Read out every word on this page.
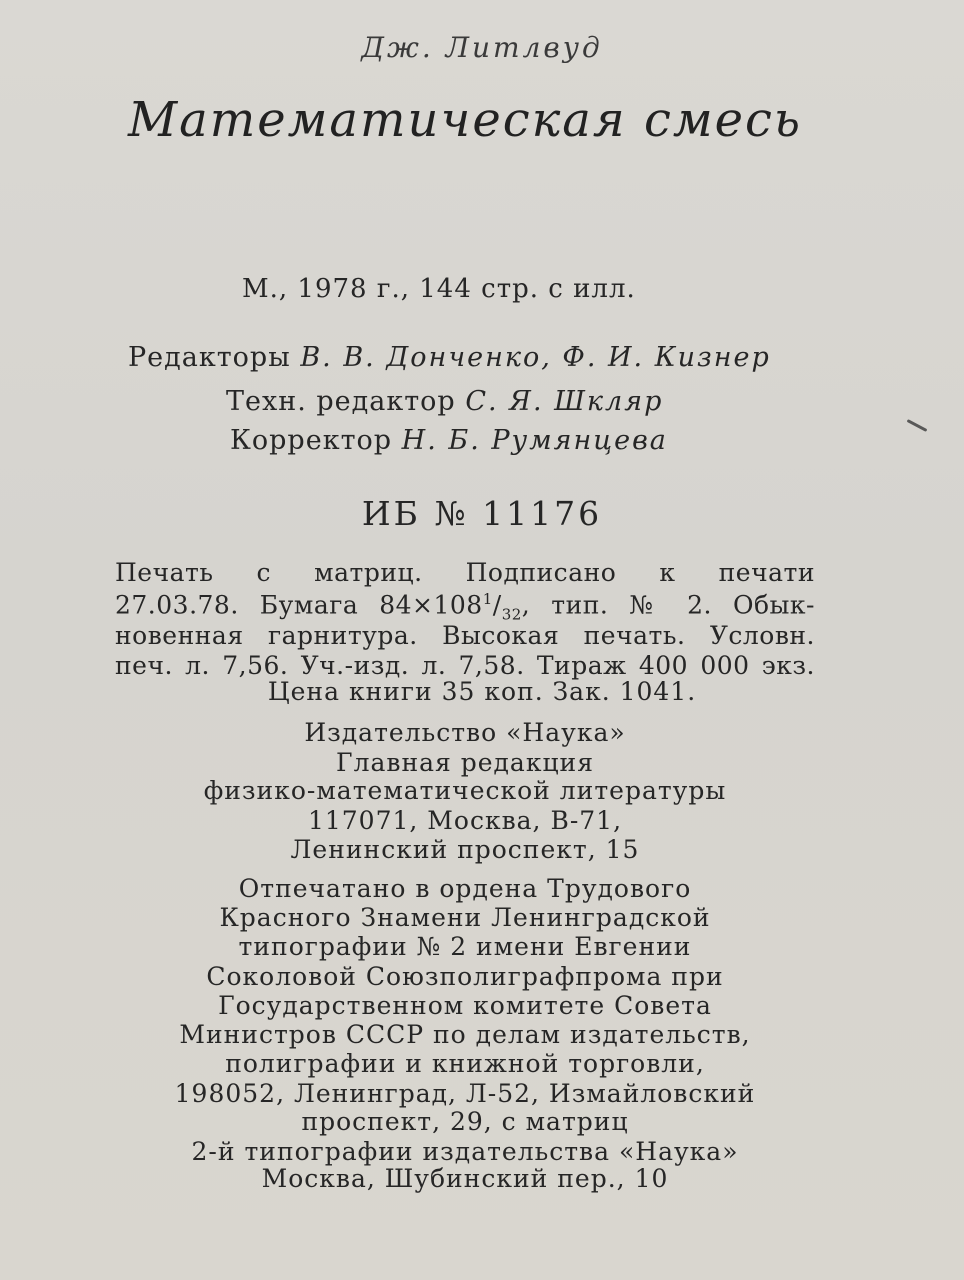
Дж. Литлвуд
Математическая смесь
М., 1978 г., 144 стр. с илл.
Редакторы В. В. Донченко, Ф. И. Кизнер
Техн. редактор С. Я. Шкляр
Корректор Н. Б. Румянцева
ИБ № 11176
Печать с матриц. Подписано к печати
27.03.78. Бумага $84\times 108^1/_{32}$, тип. № 2. Обык-
новенная гарнитура. Высокая печать. Условн.
печ. л. 7,56. Уч.-изд. л. 7,58. Тираж 400 000 экз.
Цена книги 35 коп. Зак. 1041.
Издательство «Наука»
Главная редакция
физико-математической литературы
117071, Москва, В-71,
Ленинский проспект, 15
Отпечатано в ордена Трудового
Красного Знамени Ленинградской
типографии № 2 имени Евгении
Соколовой Союзполиграфпрома при
Государственном комитете Совета
Министров СССР по делам издательств,
полиграфии и книжной торговли,
198052, Ленинград, Л-52, Измайловский
проспект, 29, с матриц
2-й типографии издательства «Наука»
Москва, Шубинский пер., 10
